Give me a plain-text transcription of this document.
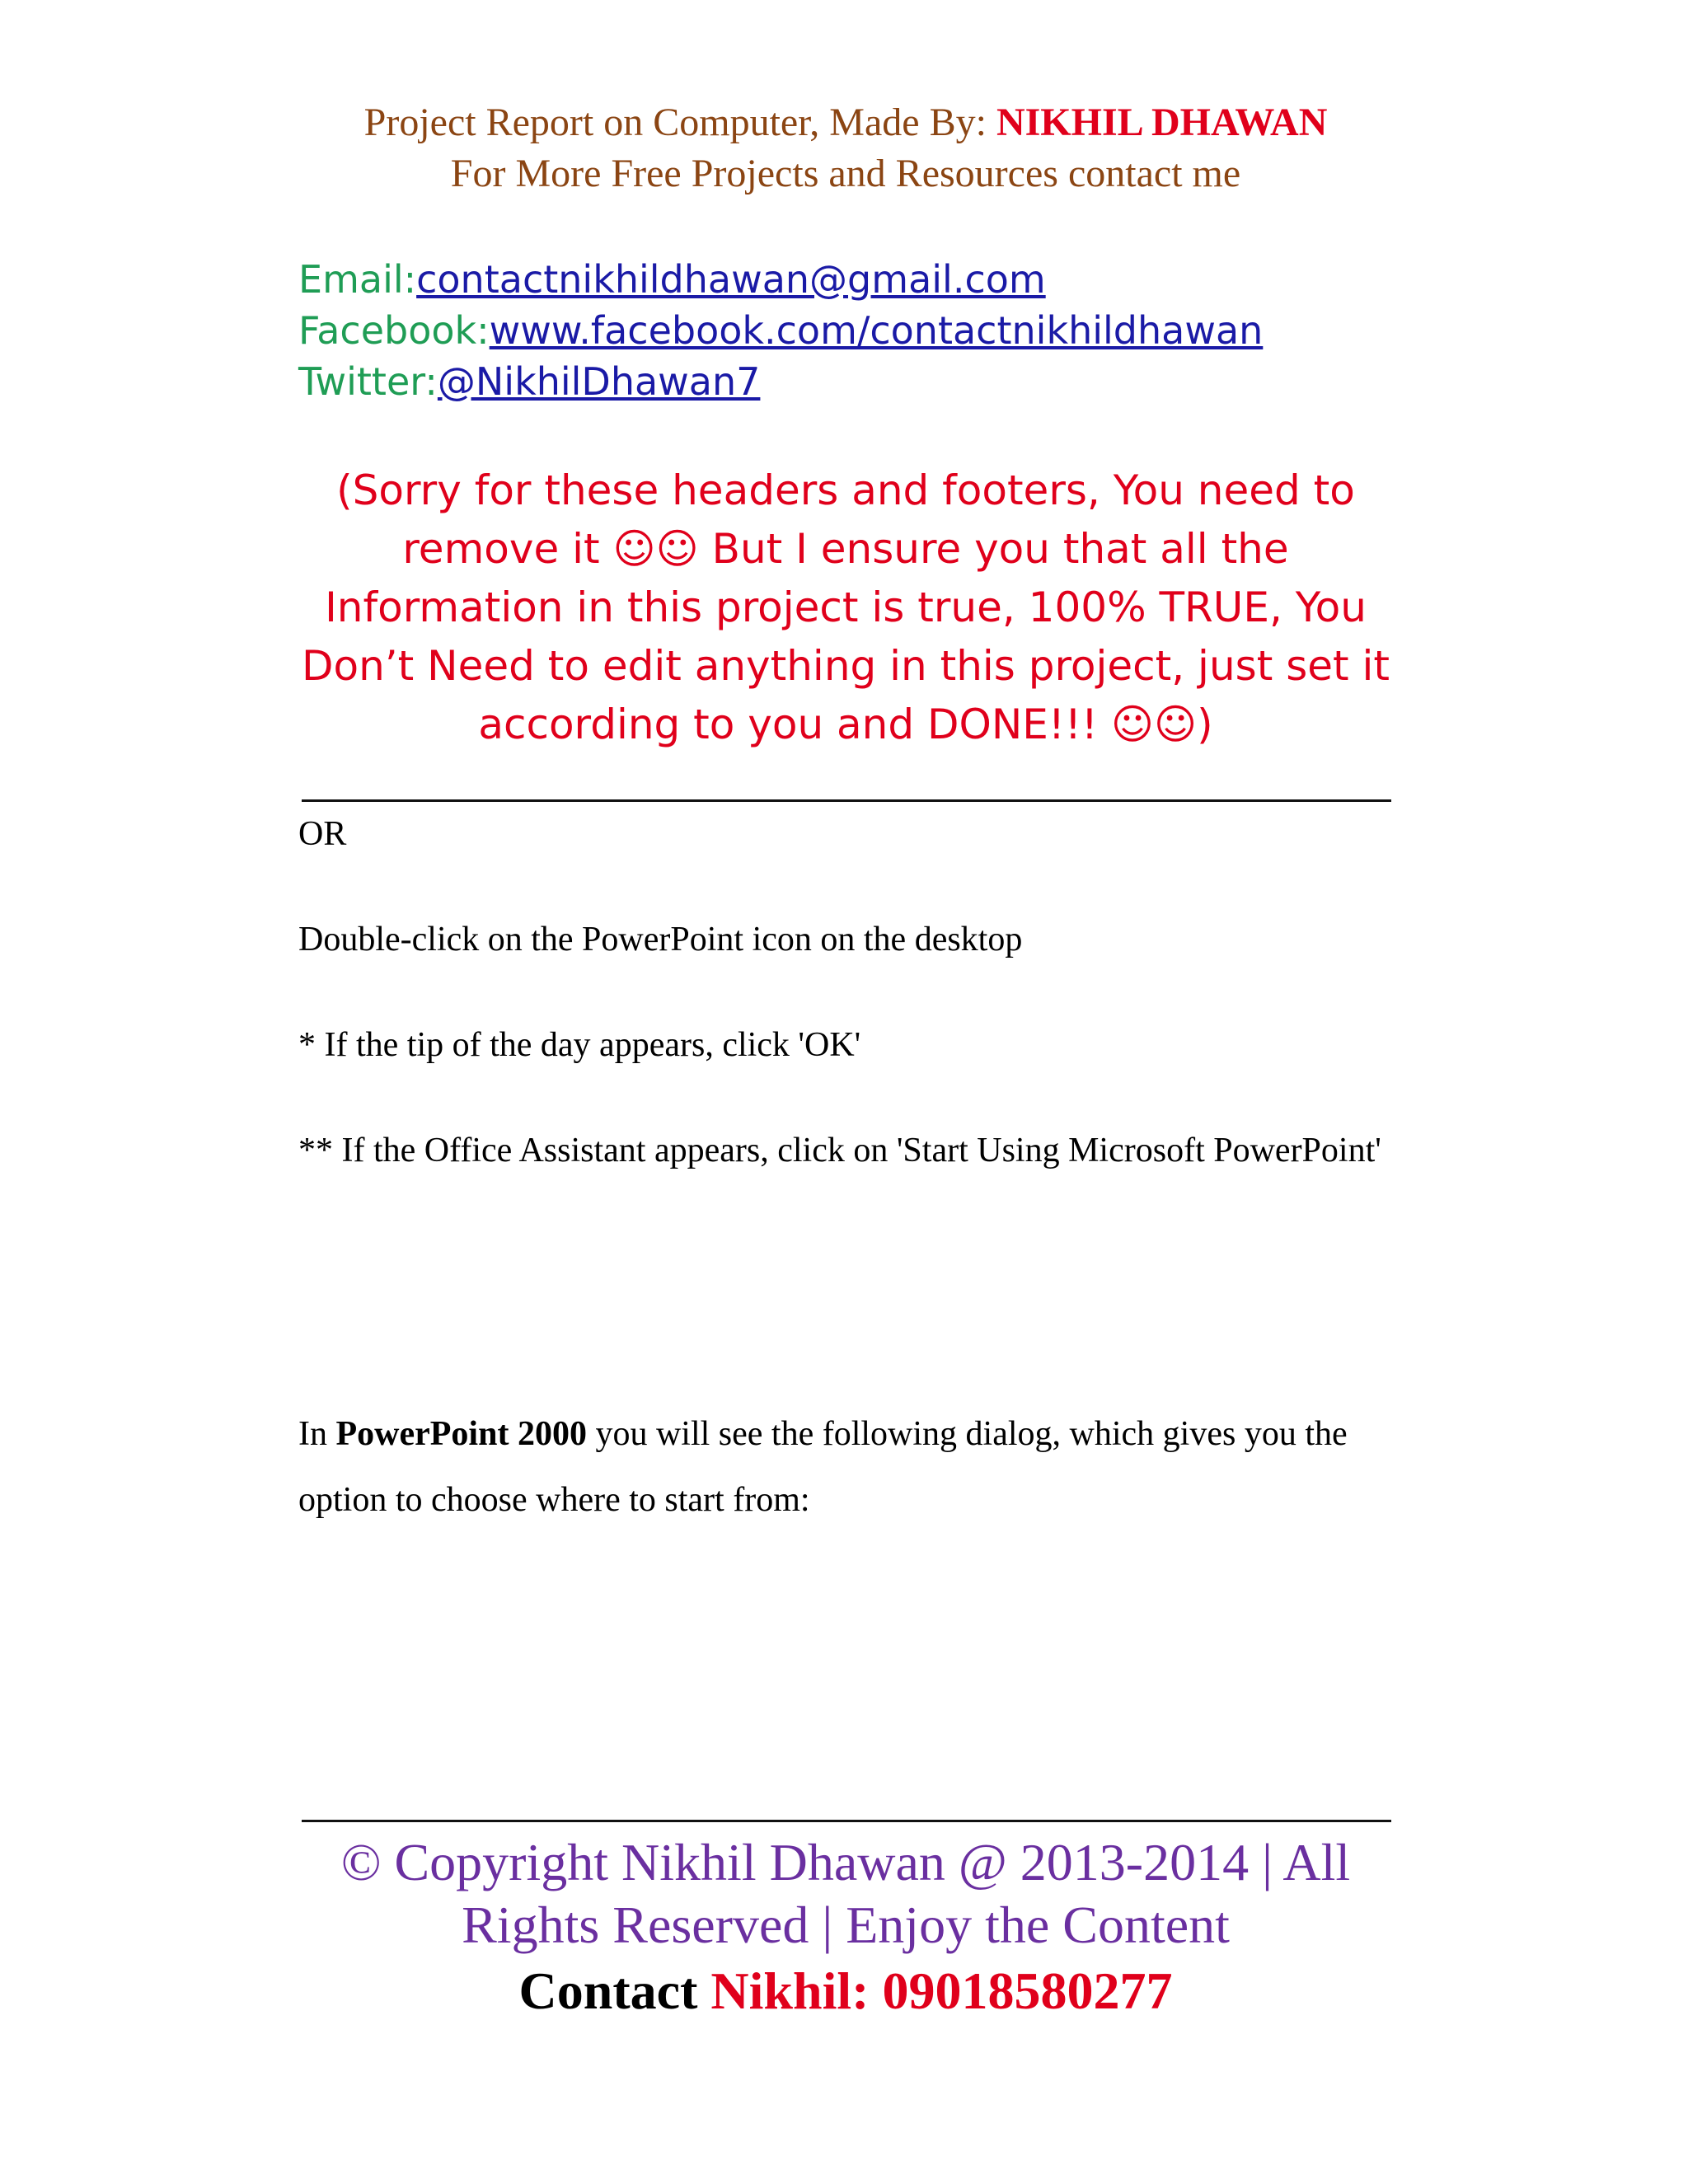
Project Report on Computer, Made By: NIKHIL DHAWAN
For More Free Projects and Resources contact me
Email:contactnikhildhawan@gmail.com
Facebook:www.facebook.com/contactnikhildhawan
Twitter:@NikhilDhawan7
(Sorry for these headers and footers, You need to remove it ☺☺ But I ensure you that all the Information in this project is true, 100% TRUE, You Don’t Need to edit anything in this project, just set it according to you and DONE!!! ☺☺)
OR
Double-click on the PowerPoint icon on the desktop
* If the tip of the day appears, click 'OK'
** If the Office Assistant appears, click on 'Start Using Microsoft PowerPoint'
In PowerPoint 2000 you will see the following dialog, which gives you the option to choose where to start from:
© Copyright Nikhil Dhawan @ 2013-2014 | All Rights Reserved | Enjoy the Content
Contact Nikhil: 09018580277
